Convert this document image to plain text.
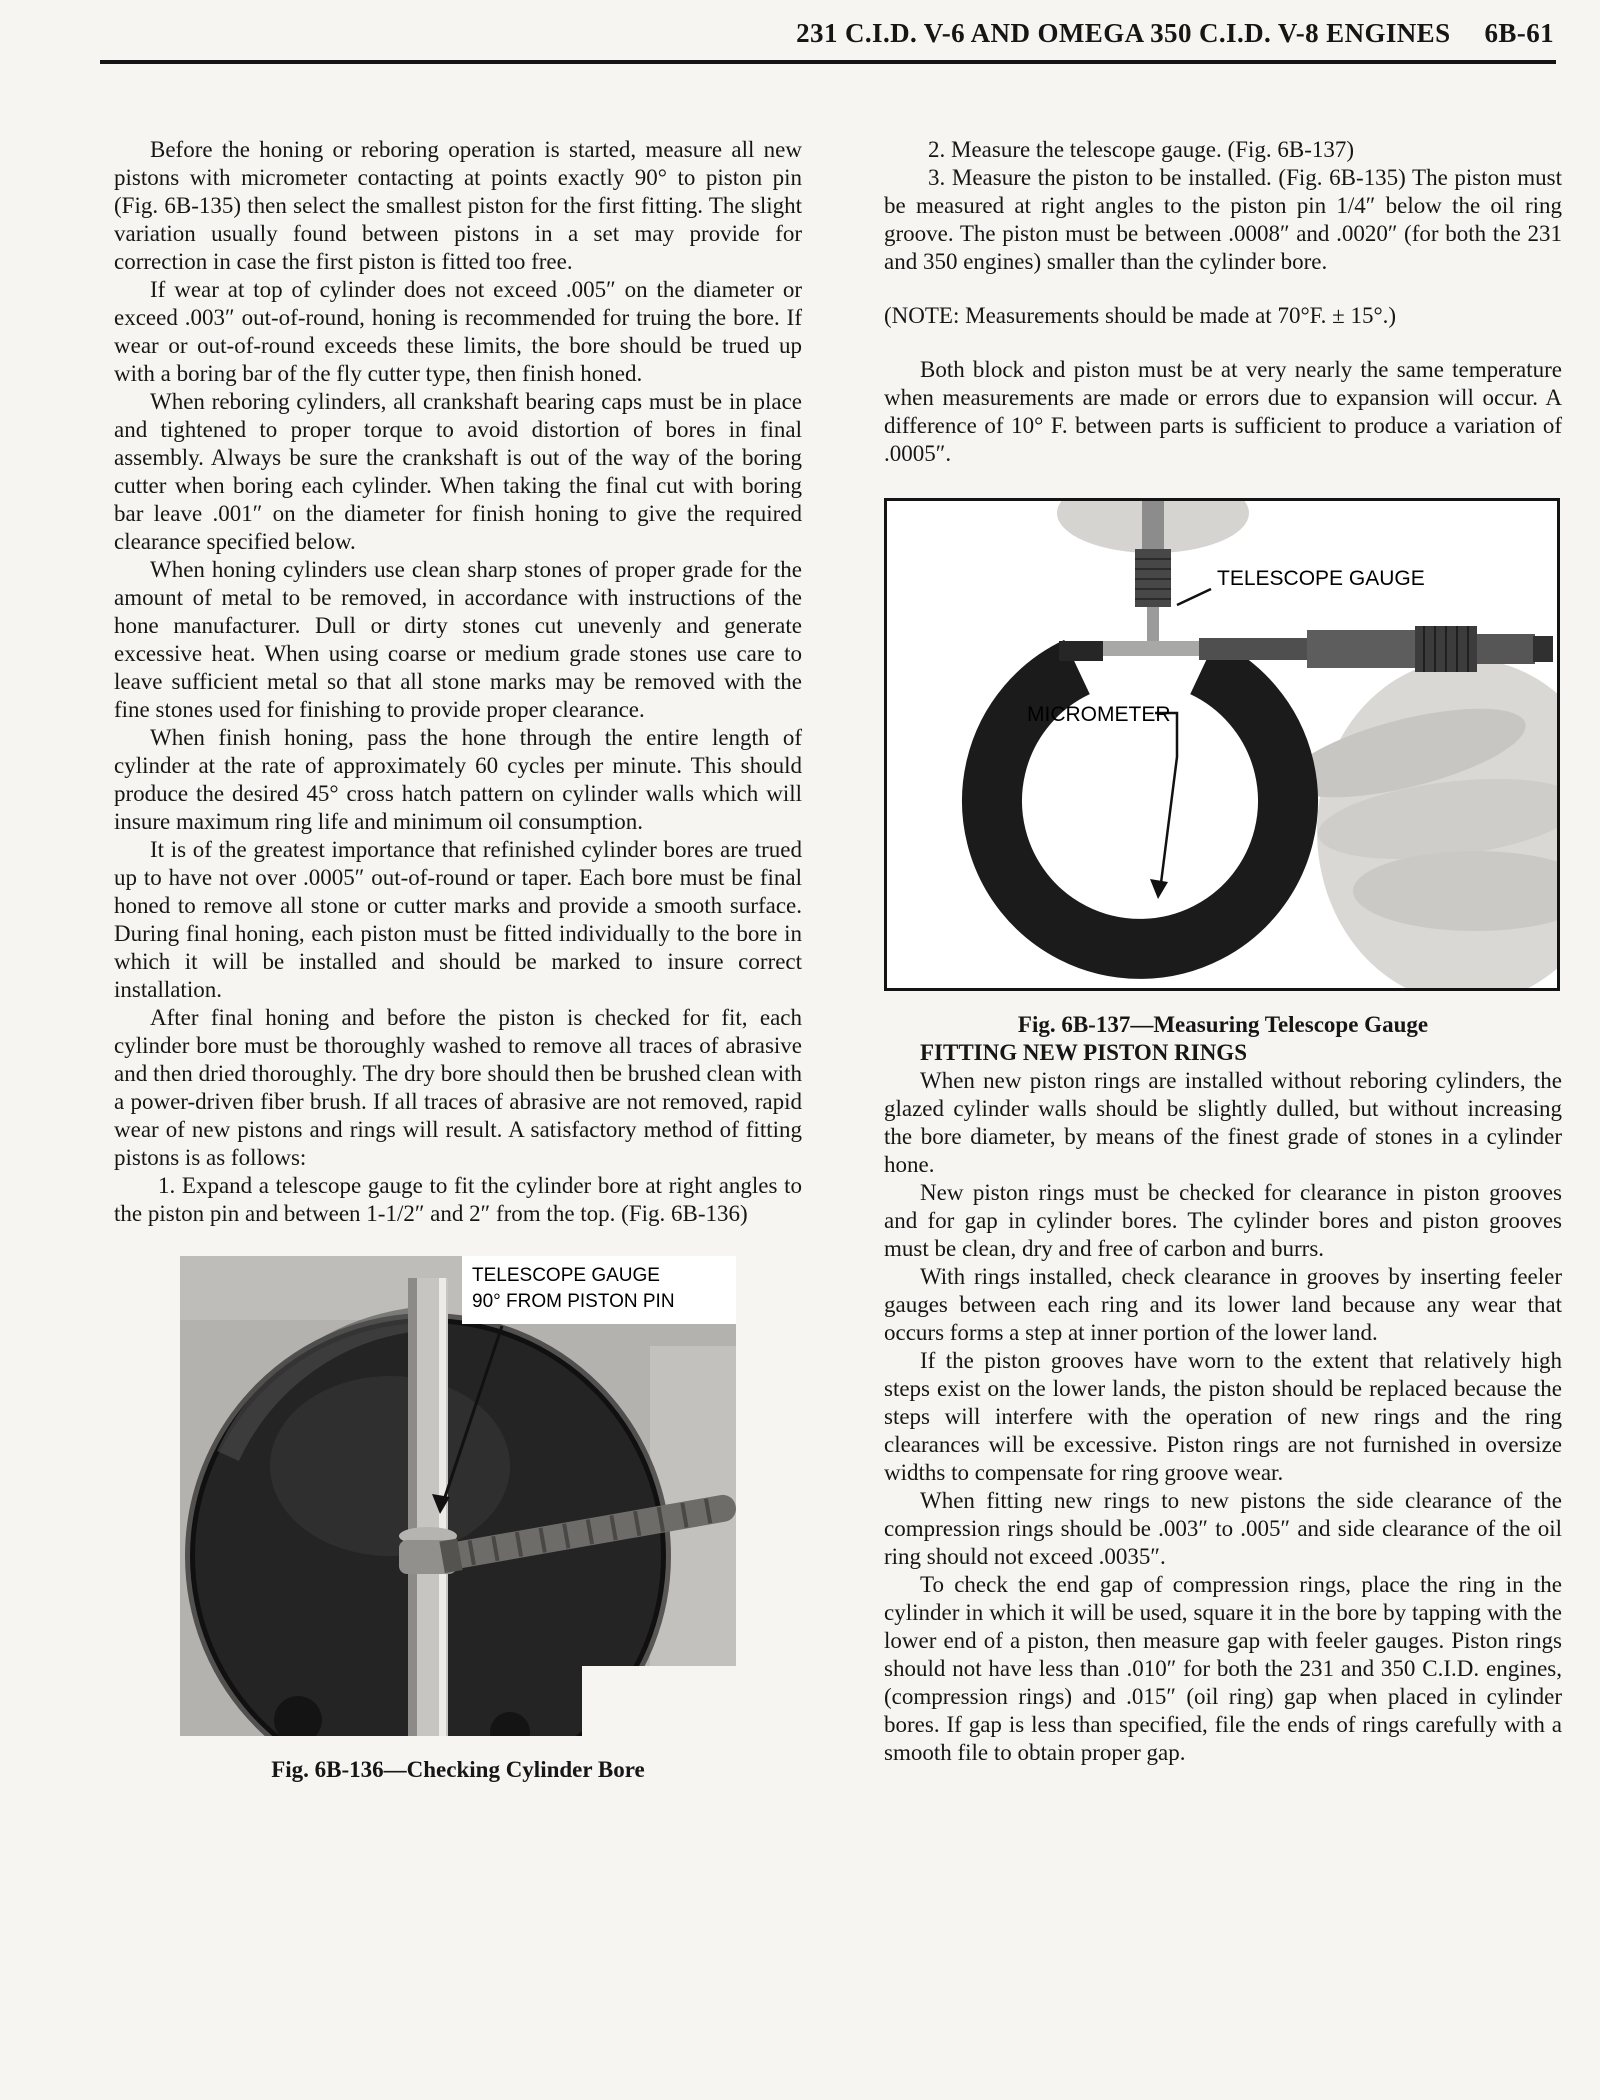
231 C.I.D. V-6 AND OMEGA 350 C.I.D. V-8 ENGINES 6B-61

Before the honing or reboring operation is started, measure all new pistons with micrometer contacting at points exactly 90° to piston pin (Fig. 6B-135) then select the smallest piston for the first fitting. The slight variation usually found between pistons in a set may provide for correction in case the first piston is fitted too free.

If wear at top of cylinder does not exceed .005″ on the diameter or exceed .003″ out-of-round, honing is recommended for truing the bore. If wear or out-of-round exceeds these limits, the bore should be trued up with a boring bar of the fly cutter type, then finish honed.

When reboring cylinders, all crankshaft bearing caps must be in place and tightened to proper torque to avoid distortion of bores in final assembly. Always be sure the crankshaft is out of the way of the boring cutter when boring each cylinder. When taking the final cut with boring bar leave .001″ on the diameter for finish honing to give the required clearance specified below.

When honing cylinders use clean sharp stones of proper grade for the amount of metal to be removed, in accordance with instructions of the hone manufacturer. Dull or dirty stones cut unevenly and generate excessive heat. When using coarse or medium grade stones use care to leave sufficient metal so that all stone marks may be removed with the fine stones used for finishing to provide proper clearance.

When finish honing, pass the hone through the entire length of cylinder at the rate of approximately 60 cycles per minute. This should produce the desired 45° cross hatch pattern on cylinder walls which will insure maximum ring life and minimum oil consumption.

It is of the greatest importance that refinished cylinder bores are trued up to have not over .0005″ out-of-round or taper. Each bore must be final honed to remove all stone or cutter marks and provide a smooth surface. During final honing, each piston must be fitted individually to the bore in which it will be installed and should be marked to insure correct installation.

After final honing and before the piston is checked for fit, each cylinder bore must be thoroughly washed to remove all traces of abrasive and then dried thoroughly. The dry bore should then be brushed clean with a power-driven fiber brush. If all traces of abrasive are not removed, rapid wear of new pistons and rings will result. A satisfactory method of fitting pistons is as follows:

1. Expand a telescope gauge to fit the cylinder bore at right angles to the piston pin and between 1-1/2″ and 2″ from the top. (Fig. 6B-136)

TELESCOPE GAUGE
90° FROM PISTON PIN
Fig. 6B-136—Checking Cylinder Bore

2. Measure the telescope gauge. (Fig. 6B-137)

3. Measure the piston to be installed. (Fig. 6B-135) The piston must be measured at right angles to the piston pin 1/4″ below the oil ring groove. The piston must be between .0008″ and .0020″ (for both the 231 and 350 engines) smaller than the cylinder bore.

(NOTE: Measurements should be made at 70°F. ± 15°.)

Both block and piston must be at very nearly the same temperature when measurements are made or errors due to expansion will occur. A difference of 10° F. between parts is sufficient to produce a variation of .0005″.

TELESCOPE GAUGE
MICROMETER
Fig. 6B-137—Measuring Telescope Gauge

FITTING NEW PISTON RINGS

When new piston rings are installed without reboring cylinders, the glazed cylinder walls should be slightly dulled, but without increasing the bore diameter, by means of the finest grade of stones in a cylinder hone.

New piston rings must be checked for clearance in piston grooves and for gap in cylinder bores. The cylinder bores and piston grooves must be clean, dry and free of carbon and burrs.

With rings installed, check clearance in grooves by inserting feeler gauges between each ring and its lower land because any wear that occurs forms a step at inner portion of the lower land.

If the piston grooves have worn to the extent that relatively high steps exist on the lower lands, the piston should be replaced because the steps will interfere with the operation of new rings and the ring clearances will be excessive. Piston rings are not furnished in oversize widths to compensate for ring groove wear.

When fitting new rings to new pistons the side clearance of the compression rings should be .003″ to .005″ and side clearance of the oil ring should not exceed .0035″.

To check the end gap of compression rings, place the ring in the cylinder in which it will be used, square it in the bore by tapping with the lower end of a piston, then measure gap with feeler gauges. Piston rings should not have less than .010″ for both the 231 and 350 C.I.D. engines, (compression rings) and .015″ (oil ring) gap when placed in cylinder bores. If gap is less than specified, file the ends of rings carefully with a smooth file to obtain proper gap.
